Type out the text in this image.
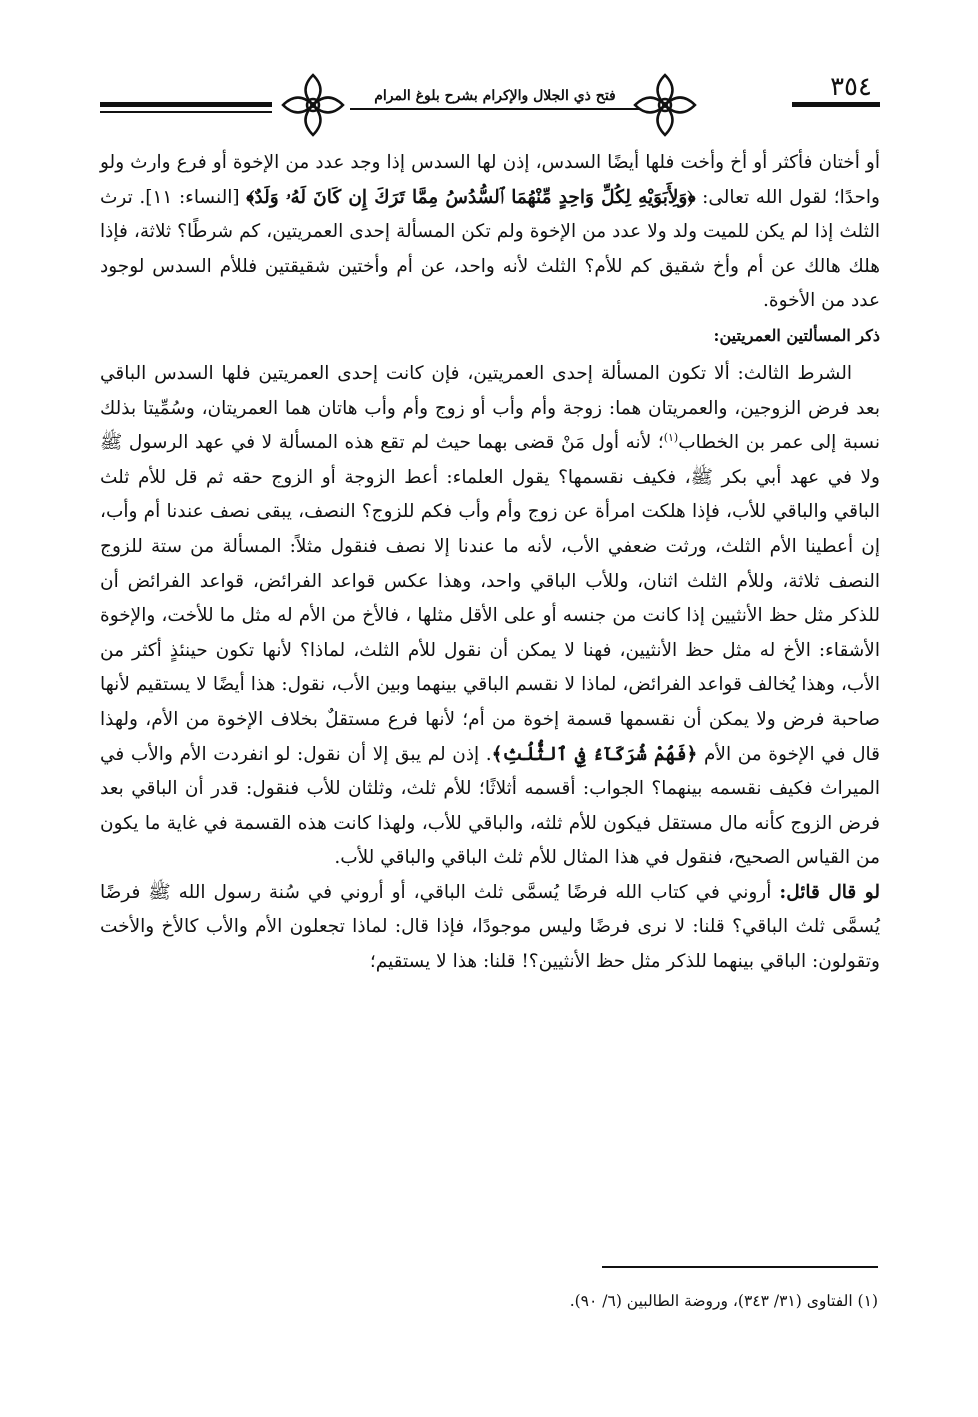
فتح ذي الجلال والإكرام بشرح بلوغ المرام	٣٥٤

أو أختان فأكثر أو أخ وأخت فلها أيضًا السدس، إذن لها السدس إذا وجد عدد من الإخوة أو فرع وارث ولو واحدًا؛ لقول الله تعالى: ﴿وَلِأَبَوَيْهِ لِكُلِّ وَاحِدٍ مِّنْهُمَا ٱلسُّدُسُ مِمَّا تَرَكَ إِن كَانَ لَهُۥ وَلَدٌ﴾ [النساء: ١١]. ترث الثلث إذا لم يكن للميت ولد ولا عدد من الإخوة ولم تكن المسألة إحدى العمريتين، كم شرطًا؟ ثلاثة، فإذا هلك هالك عن أم وأخ شقيق كم للأم؟ الثلث لأنه واحد، عن أم وأختين شقيقتين فللأم السدس لوجود عدد من الأخوة.

ذكر المسألتين العمريتين:

الشرط الثالث: ألا تكون المسألة إحدى العمريتين، فإن كانت إحدى العمريتين فلها السدس الباقي بعد فرض الزوجين، والعمريتان هما: زوجة وأم وأب أو زوج وأم وأب هاتان هما العمريتان، وسُمِّيتا بذلك نسبة إلى عمر بن الخطاب$^{(١)}$؛ لأنه أول مَنْ قضى بهما حيث لم تقع هذه المسألة لا في عهد الرسول ﷺ ولا في عهد أبي بكر ﷺ، فكيف نقسمها؟ يقول العلماء: أعط الزوجة أو الزوج حقه ثم قل للأم ثلث الباقي والباقي للأب، فإذا هلكت امرأة عن زوج وأم وأب فكم للزوج؟ النصف، يبقى نصف عندنا أم وأب، إن أعطينا الأم الثلث، ورثت ضعفي الأب، لأنه ما عندنا إلا نصف فنقول مثلاً: المسألة من ستة للزوج النصف ثلاثة، وللأم الثلث اثنان، وللأب الباقي واحد، وهذا عكس قواعد الفرائض، قواعد الفرائض أن للذكر مثل حظ الأنثيين إذا كانت من جنسه أو على الأقل مثلها ، فالأخ من الأم له مثل ما للأخت، والإخوة الأشقاء: الأخ له مثل حظ الأنثيين، فهنا لا يمكن أن نقول للأم الثلث، لماذا؟ لأنها تكون حينئذٍ أكثر من الأب، وهذا يُخالف قواعد الفرائض، لماذا لا نقسم الباقي بينهما وبين الأب، نقول: هذا أيضًا لا يستقيم لأنها صاحبة فرض ولا يمكن أن نقسمها قسمة إخوة من أم؛ لأنها فرع مستقلٌ بخلاف الإخوة من الأم، ولهذا قال في الإخوة من الأم ﴿فَهُمْ شُرَكَآءُ فِي ٱلثُّلُثِ﴾. إذن لم يبق إلا أن نقول: لو انفردت الأم والأب في الميراث فكيف نقسمه بينهما؟ الجواب: أقسمه أثلاثًا؛ للأم ثلث، وثلثان للأب فنقول: قدر أن الباقي بعد فرض الزوج كأنه مال مستقل فيكون للأم ثلثه، والباقي للأب، ولهذا كانت هذه القسمة في غاية ما يكون من القياس الصحيح، فنقول في هذا المثال للأم ثلث الباقي والباقي للأب.

لو قال قائل: أروني في كتاب الله فرضًا يُسمَّى ثلث الباقي، أو أروني في سُنة رسول الله ﷺ فرضًا يُسمَّى ثلث الباقي؟ قلنا: لا نرى فرضًا وليس موجودًا، فإذا قال: لماذا تجعلون الأم والأب كالأخ والأخت وتقولون: الباقي بينهما للذكر مثل حظ الأنثيين؟! قلنا: هذا لا يستقيم؛

(١) الفتاوى (٣١/ ٣٤٣)، وروضة الطالبين (٦/ ٩٠).
